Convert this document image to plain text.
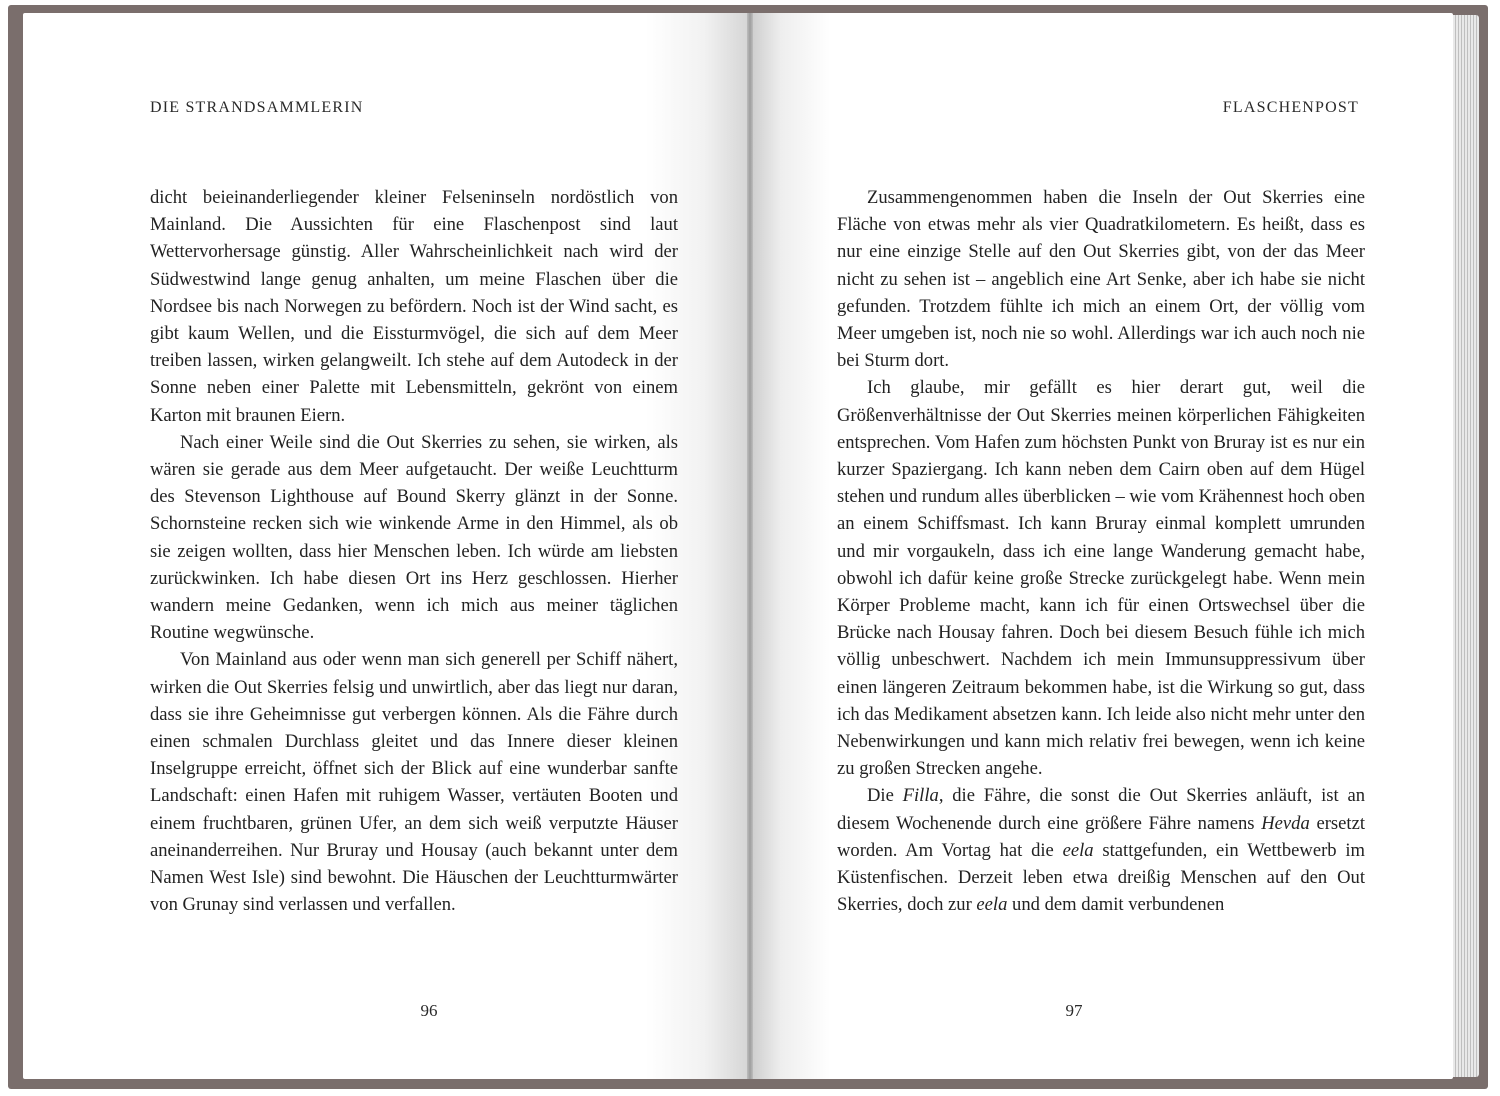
DIE STRANDSAMMLERIN

dicht beieinanderliegender kleiner Felseninseln nordöstlich von Mainland. Die Aussichten für eine Flaschenpost sind laut Wettervorhersage günstig. Aller Wahrscheinlichkeit nach wird der Südwestwind lange genug anhalten, um meine Flaschen über die Nordsee bis nach Norwegen zu befördern. Noch ist der Wind sacht, es gibt kaum Wellen, und die Eissturmvögel, die sich auf dem Meer treiben lassen, wirken gelangweilt. Ich stehe auf dem Autodeck in der Sonne neben einer Palette mit Lebensmitteln, gekrönt von einem Karton mit braunen Eiern.

Nach einer Weile sind die Out Skerries zu sehen, sie wirken, als wären sie gerade aus dem Meer aufgetaucht. Der weiße Leuchtturm des Stevenson Lighthouse auf Bound Skerry glänzt in der Sonne. Schornsteine recken sich wie winkende Arme in den Himmel, als ob sie zeigen wollten, dass hier Menschen leben. Ich würde am liebsten zurückwinken. Ich habe diesen Ort ins Herz geschlossen. Hierher wandern meine Gedanken, wenn ich mich aus meiner täglichen Routine wegwünsche.

Von Mainland aus oder wenn man sich generell per Schiff nähert, wirken die Out Skerries felsig und unwirtlich, aber das liegt nur daran, dass sie ihre Geheimnisse gut verbergen können. Als die Fähre durch einen schmalen Durchlass gleitet und das Innere dieser kleinen Inselgruppe erreicht, öffnet sich der Blick auf eine wunderbar sanfte Landschaft: einen Hafen mit ruhigem Wasser, vertäuten Booten und einem fruchtbaren, grünen Ufer, an dem sich weiß verputzte Häuser aneinanderreihen. Nur Bruray und Housay (auch bekannt unter dem Namen West Isle) sind bewohnt. Die Häuschen der Leuchtturmwärter von Grunay sind verlassen und verfallen.

96
FLASCHENPOST

Zusammengenommen haben die Inseln der Out Skerries eine Fläche von etwas mehr als vier Quadratkilometern. Es heißt, dass es nur eine einzige Stelle auf den Out Skerries gibt, von der das Meer nicht zu sehen ist – angeblich eine Art Senke, aber ich habe sie nicht gefunden. Trotzdem fühlte ich mich an einem Ort, der völlig vom Meer umgeben ist, noch nie so wohl. Allerdings war ich auch noch nie bei Sturm dort.

Ich glaube, mir gefällt es hier derart gut, weil die Größenverhältnisse der Out Skerries meinen körperlichen Fähigkeiten entsprechen. Vom Hafen zum höchsten Punkt von Bruray ist es nur ein kurzer Spaziergang. Ich kann neben dem Cairn oben auf dem Hügel stehen und rundum alles überblicken – wie vom Krähennest hoch oben an einem Schiffsmast. Ich kann Bruray einmal komplett umrunden und mir vorgaukeln, dass ich eine lange Wanderung gemacht habe, obwohl ich dafür keine große Strecke zurückgelegt habe. Wenn mein Körper Probleme macht, kann ich für einen Ortswechsel über die Brücke nach Housay fahren. Doch bei diesem Besuch fühle ich mich völlig unbeschwert. Nachdem ich mein Immunsuppressivum über einen längeren Zeitraum bekommen habe, ist die Wirkung so gut, dass ich das Medikament absetzen kann. Ich leide also nicht mehr unter den Nebenwirkungen und kann mich relativ frei bewegen, wenn ich keine zu großen Strecken angehe.

Die Filla, die Fähre, die sonst die Out Skerries anläuft, ist an diesem Wochenende durch eine größere Fähre namens Hevda ersetzt worden. Am Vortag hat die eela stattgefunden, ein Wettbewerb im Küstenfischen. Derzeit leben etwa dreißig Menschen auf den Out Skerries, doch zur eela und dem damit verbundenen

97
